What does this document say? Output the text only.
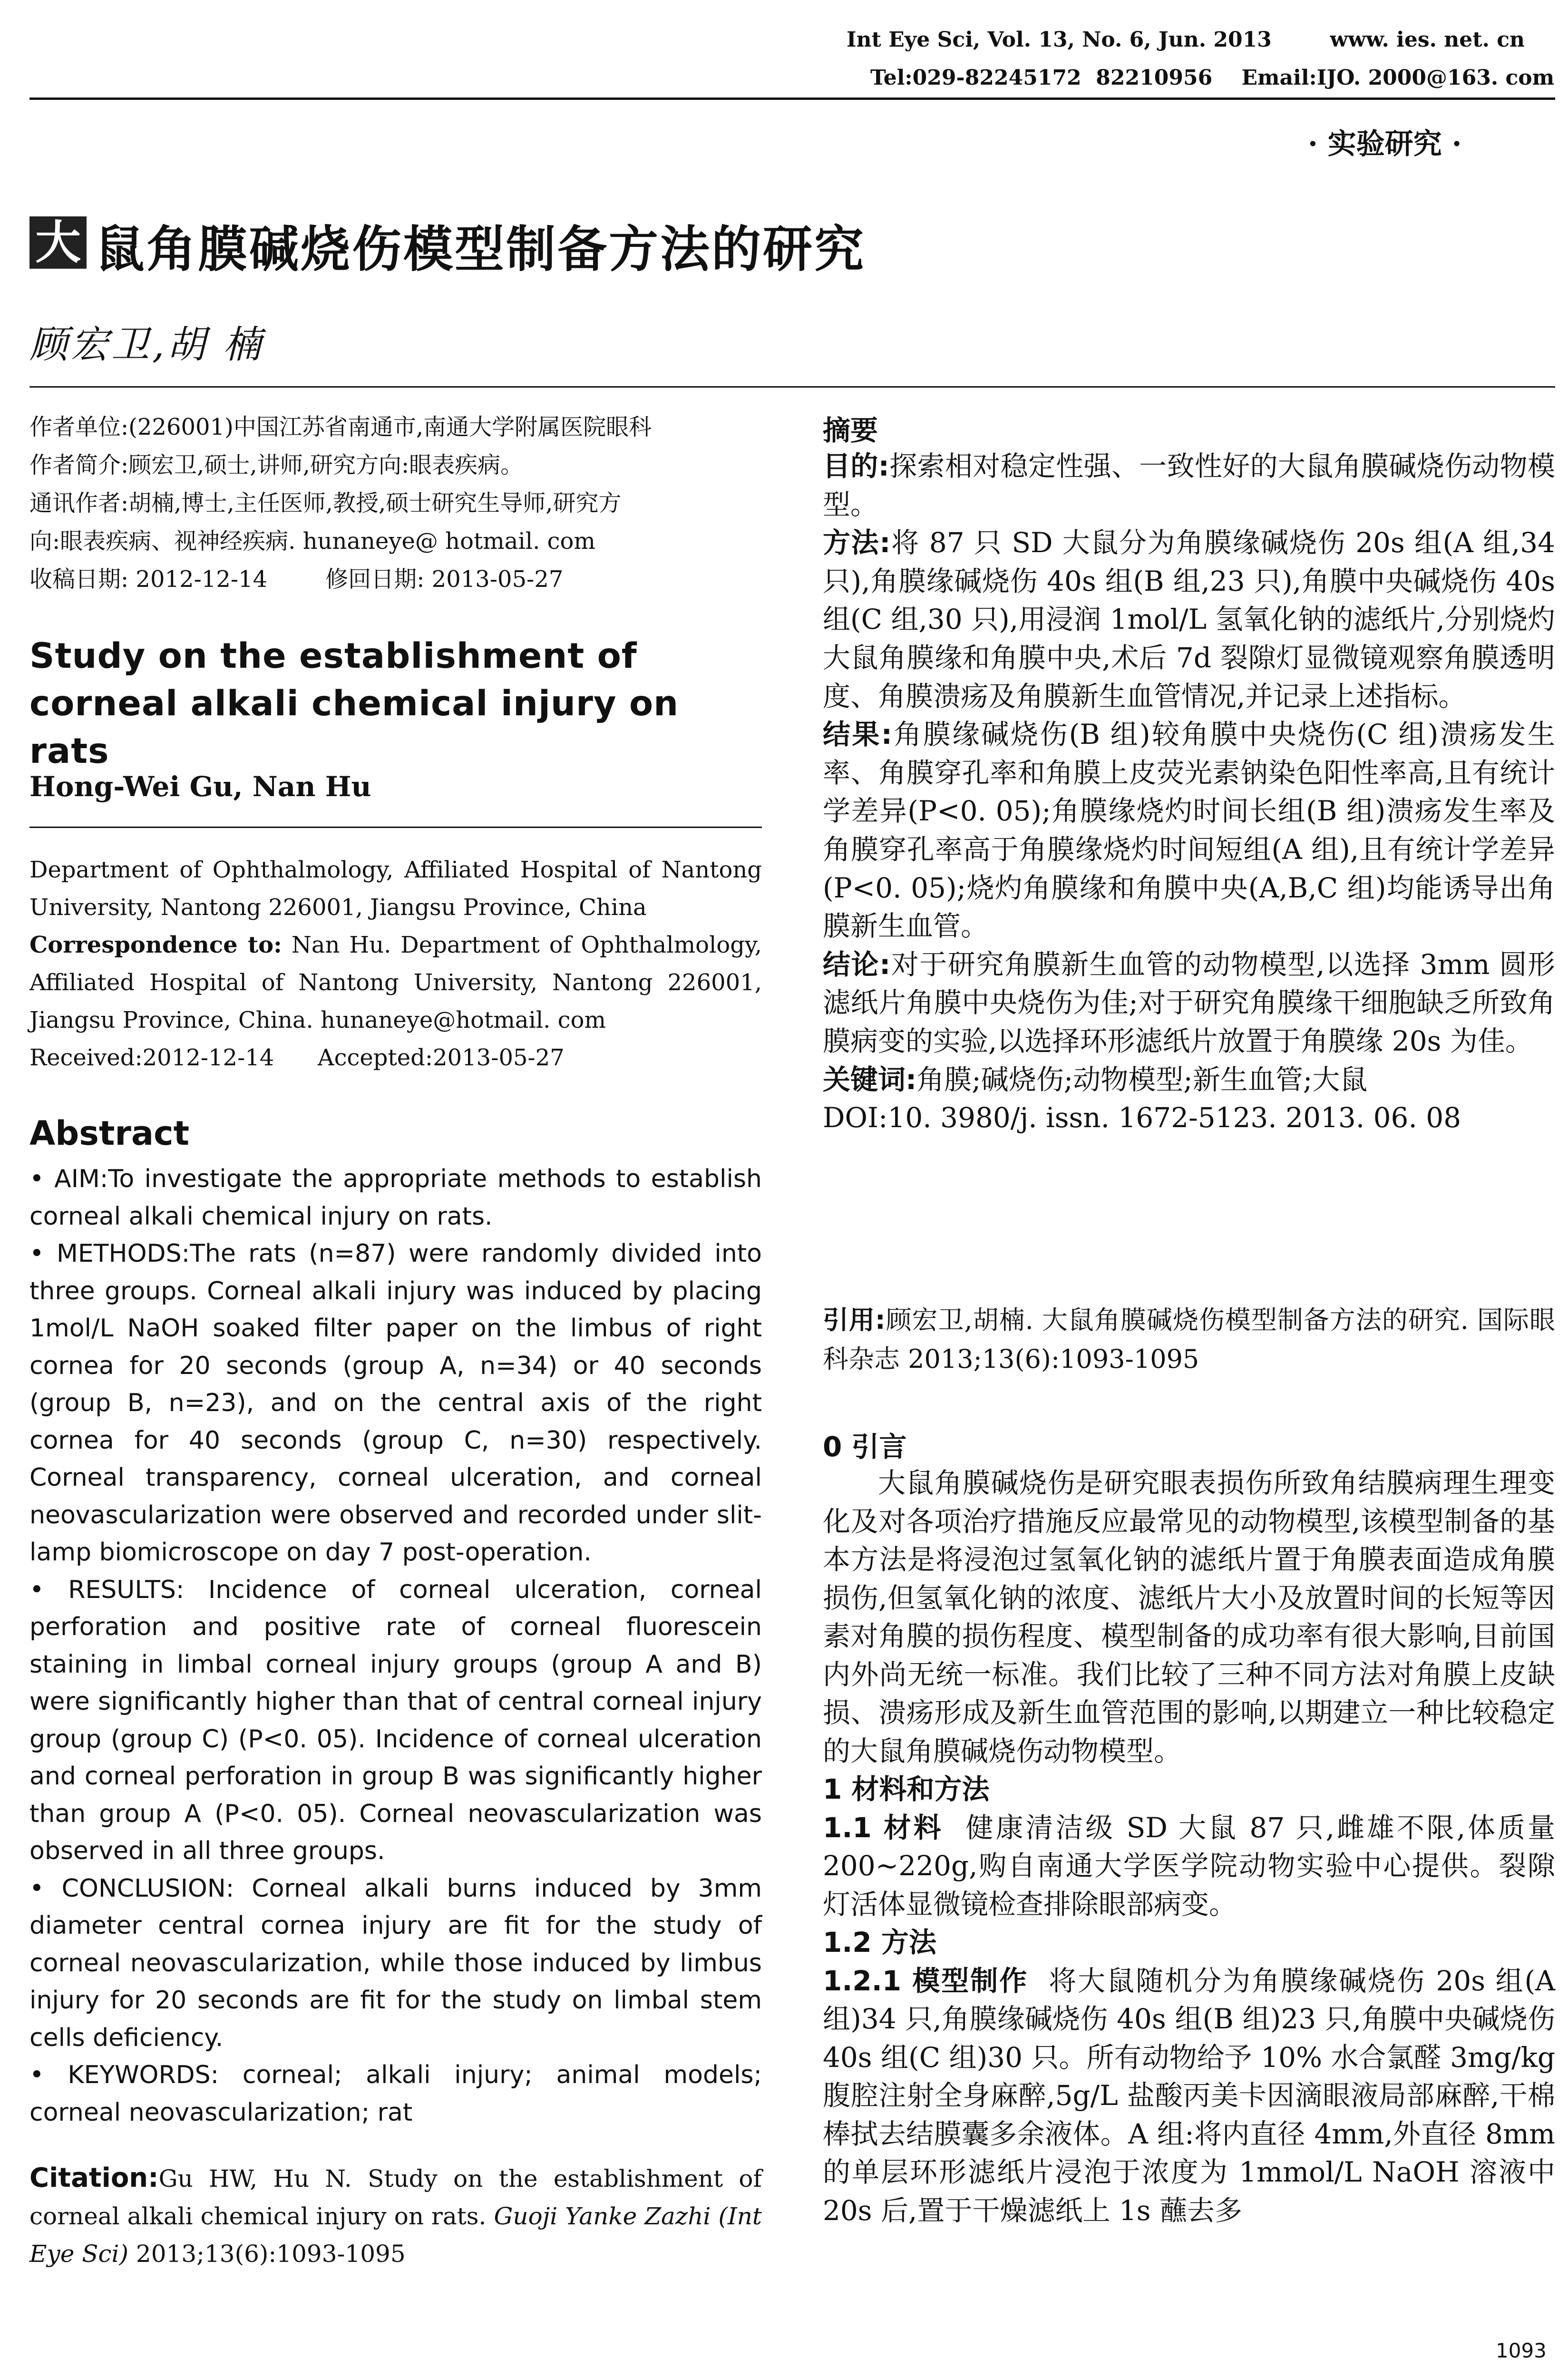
Int Eye Sci, Vol. 13, No. 6, Jun. 2013        www. ies. net. cn
Tel:029-82245172  82210956    Email:IJO. 2000@163. com
· 实验研究 ·
大 鼠角膜碱烧伤模型制备方法的研究
顾宏卫,胡 楠
作者单位:(226001)中国江苏省南通市,南通大学附属医院眼科
作者简介:顾宏卫,硕士,讲师,研究方向:眼表疾病。
通讯作者:胡楠,博士,主任医师,教授,硕士研究生导师,研究方
向:眼表疾病、视神经疾病. hunaneye@ hotmail. com
收稿日期: 2012-12-14        修回日期: 2013-05-27
Study on the establishment of corneal alkali chemical injury on rats
Hong-Wei Gu, Nan Hu

Department of Ophthalmology, Affiliated Hospital of Nantong University, Nantong 226001, Jiangsu Province, China

Correspondence to: Nan Hu. Department of Ophthalmology, Affiliated Hospital of Nantong University, Nantong 226001, Jiangsu Province, China. hunaneye@hotmail. com

Received:2012-12-14      Accepted:2013-05-27

Abstract

• AIM:To investigate the appropriate methods to establish corneal alkali chemical injury on rats.

• METHODS:The rats (n=87) were randomly divided into three groups. Corneal alkali injury was induced by placing 1mol/L NaOH soaked filter paper on the limbus of right cornea for 20 seconds (group A, n=34) or 40 seconds (group B, n=23), and on the central axis of the right cornea for 40 seconds (group C, n=30) respectively. Corneal transparency, corneal ulceration, and corneal neovascularization were observed and recorded under slit-lamp biomicroscope on day 7 post-operation.

• RESULTS: Incidence of corneal ulceration, corneal perforation and positive rate of corneal fluorescein staining in limbal corneal injury groups (group A and B) were significantly higher than that of central corneal injury group (group C) (P<0. 05). Incidence of corneal ulceration and corneal perforation in group B was significantly higher than group A (P<0. 05). Corneal neovascularization was observed in all three groups.

• CONCLUSION: Corneal alkali burns induced by 3mm diameter central cornea injury are fit for the study of corneal neovascularization, while those induced by limbus injury for 20 seconds are fit for the study on limbal stem cells deficiency.

• KEYWORDS: corneal; alkali injury; animal models; corneal neovascularization; rat

Citation:Gu HW, Hu N. Study on the establishment of corneal alkali chemical injury on rats. Guoji Yanke Zazhi (Int Eye Sci) 2013;13(6):1093-1095
摘要

目的:探索相对稳定性强、一致性好的大鼠角膜碱烧伤动物模型。

方法:将 87 只 SD 大鼠分为角膜缘碱烧伤 20s 组(A 组,34 只),角膜缘碱烧伤 40s 组(B 组,23 只),角膜中央碱烧伤 40s 组(C 组,30 只),用浸润 1mol/L 氢氧化钠的滤纸片,分别烧灼大鼠角膜缘和角膜中央,术后 7d 裂隙灯显微镜观察角膜透明度、角膜溃疡及角膜新生血管情况,并记录上述指标。

结果:角膜缘碱烧伤(B 组)较角膜中央烧伤(C 组)溃疡发生率、角膜穿孔率和角膜上皮荧光素钠染色阳性率高,且有统计学差异(P<0. 05);角膜缘烧灼时间长组(B 组)溃疡发生率及角膜穿孔率高于角膜缘烧灼时间短组(A 组),且有统计学差异(P<0. 05);烧灼角膜缘和角膜中央(A,B,C 组)均能诱导出角膜新生血管。

结论:对于研究角膜新生血管的动物模型,以选择 3mm 圆形滤纸片角膜中央烧伤为佳;对于研究角膜缘干细胞缺乏所致角膜病变的实验,以选择环形滤纸片放置于角膜缘 20s 为佳。

关键词:角膜;碱烧伤;动物模型;新生血管;大鼠

DOI:10. 3980/j. issn. 1672-5123. 2013. 06. 08

引用:顾宏卫,胡楠. 大鼠角膜碱烧伤模型制备方法的研究. 国际眼科杂志 2013;13(6):1093-1095
0 引言

大鼠角膜碱烧伤是研究眼表损伤所致角结膜病理生理变化及对各项治疗措施反应最常见的动物模型,该模型制备的基本方法是将浸泡过氢氧化钠的滤纸片置于角膜表面造成角膜损伤,但氢氧化钠的浓度、滤纸片大小及放置时间的长短等因素对角膜的损伤程度、模型制备的成功率有很大影响,目前国内外尚无统一标准。我们比较了三种不同方法对角膜上皮缺损、溃疡形成及新生血管范围的影响,以期建立一种比较稳定的大鼠角膜碱烧伤动物模型。

1 材料和方法

1.1 材料 健康清洁级 SD 大鼠 87 只,雌雄不限,体质量 200~220g,购自南通大学医学院动物实验中心提供。裂隙灯活体显微镜检查排除眼部病变。

1.2 方法

1.2.1 模型制作 将大鼠随机分为角膜缘碱烧伤 20s 组(A 组)34 只,角膜缘碱烧伤 40s 组(B 组)23 只,角膜中央碱烧伤 40s 组(C 组)30 只。所有动物给予 10% 水合氯醛 3mg/kg 腹腔注射全身麻醉,5g/L 盐酸丙美卡因滴眼液局部麻醉,干棉棒拭去结膜囊多余液体。A 组:将内直径 4mm,外直径 8mm 的单层环形滤纸片浸泡于浓度为 1mmol/L NaOH 溶液中 20s 后,置于干燥滤纸上 1s 蘸去多

1093
